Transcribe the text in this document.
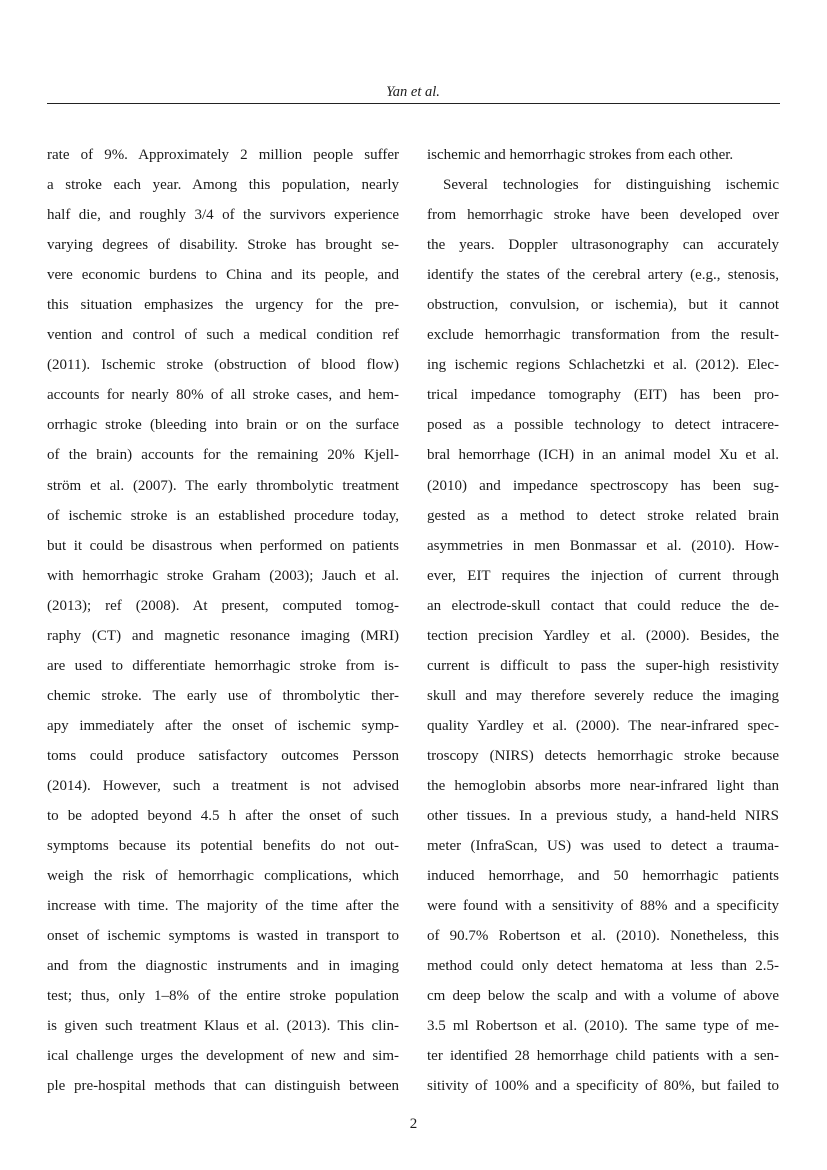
Yan et al.
rate of 9%. Approximately 2 million people suffer
a stroke each year. Among this population, nearly
half die, and roughly 3/4 of the survivors experience
varying degrees of disability. Stroke has brought se-
vere economic burdens to China and its people, and
this situation emphasizes the urgency for the pre-
vention and control of such a medical condition ref
(2011). Ischemic stroke (obstruction of blood flow)
accounts for nearly 80% of all stroke cases, and hem-
orrhagic stroke (bleeding into brain or on the surface
of the brain) accounts for the remaining 20% Kjell-
ström et al. (2007). The early thrombolytic treatment
of ischemic stroke is an established procedure today,
but it could be disastrous when performed on patients
with hemorrhagic stroke Graham (2003); Jauch et al.
(2013); ref (2008). At present, computed tomog-
raphy (CT) and magnetic resonance imaging (MRI)
are used to differentiate hemorrhagic stroke from is-
chemic stroke. The early use of thrombolytic ther-
apy immediately after the onset of ischemic symp-
toms could produce satisfactory outcomes Persson
(2014). However, such a treatment is not advised
to be adopted beyond 4.5 h after the onset of such
symptoms because its potential benefits do not out-
weigh the risk of hemorrhagic complications, which
increase with time. The majority of the time after the
onset of ischemic symptoms is wasted in transport to
and from the diagnostic instruments and in imaging
test; thus, only 1–8% of the entire stroke population
is given such treatment Klaus et al. (2013). This clin-
ical challenge urges the development of new and sim-
ple pre-hospital methods that can distinguish between
ischemic and hemorrhagic strokes from each other.
Several technologies for distinguishing ischemic
from hemorrhagic stroke have been developed over
the years. Doppler ultrasonography can accurately
identify the states of the cerebral artery (e.g., stenosis,
obstruction, convulsion, or ischemia), but it cannot
exclude hemorrhagic transformation from the result-
ing ischemic regions Schlachetzki et al. (2012). Elec-
trical impedance tomography (EIT) has been pro-
posed as a possible technology to detect intracere-
bral hemorrhage (ICH) in an animal model Xu et al.
(2010) and impedance spectroscopy has been sug-
gested as a method to detect stroke related brain
asymmetries in men Bonmassar et al. (2010). How-
ever, EIT requires the injection of current through
an electrode-skull contact that could reduce the de-
tection precision Yardley et al. (2000). Besides, the
current is difficult to pass the super-high resistivity
skull and may therefore severely reduce the imaging
quality Yardley et al. (2000). The near-infrared spec-
troscopy (NIRS) detects hemorrhagic stroke because
the hemoglobin absorbs more near-infrared light than
other tissues. In a previous study, a hand-held NIRS
meter (InfraScan, US) was used to detect a trauma-
induced hemorrhage, and 50 hemorrhagic patients
were found with a sensitivity of 88% and a specificity
of 90.7% Robertson et al. (2010). Nonetheless, this
method could only detect hematoma at less than 2.5-
cm deep below the scalp and with a volume of above
3.5 ml Robertson et al. (2010). The same type of me-
ter identified 28 hemorrhage child patients with a sen-
sitivity of 100% and a specificity of 80%, but failed to
2
